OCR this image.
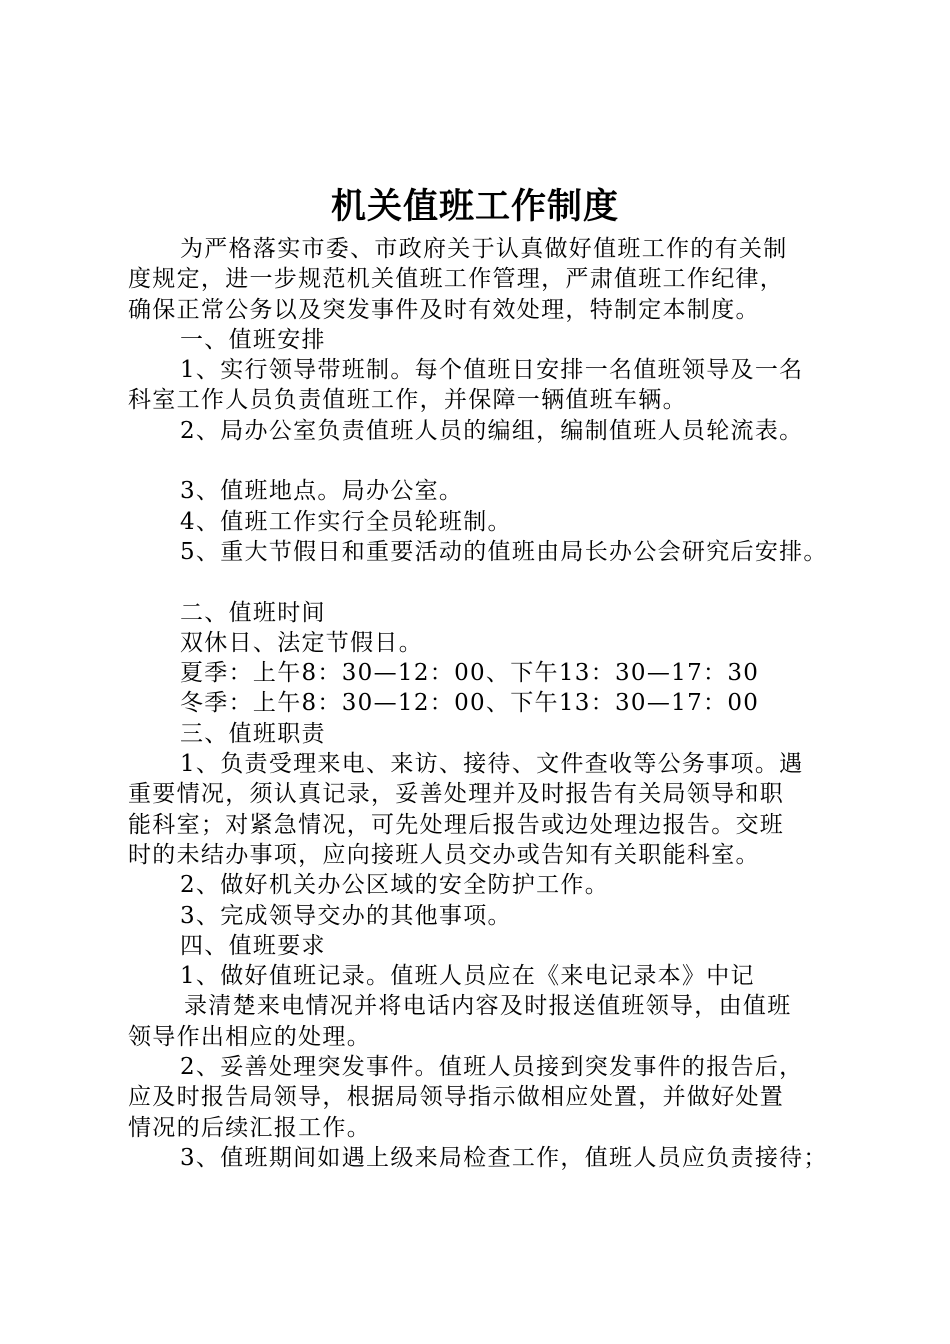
机关值班工作制度
为严格落实市委、市政府关于认真做好值班工作的有关制
度规定，进一步规范机关值班工作管理，严肃值班工作纪律，
确保正常公务以及突发事件及时有效处理，特制定本制度。
一、值班安排
1、实行领导带班制。每个值班日安排一名值班领导及一名
科室工作人员负责值班工作，并保障一辆值班车辆。
2、局办公室负责值班人员的编组，编制值班人员轮流表。
3、值班地点。局办公室。
4、值班工作实行全员轮班制。
5、重大节假日和重要活动的值班由局长办公会研究后安排。
二、值班时间
双休日、法定节假日。
夏季：上午8：30—12：00、下午13：30—17：30
冬季：上午8：30—12：00、下午13：30—17：00
三、值班职责
1、负责受理来电、来访、接待、文件查收等公务事项。遇
重要情况，须认真记录，妥善处理并及时报告有关局领导和职
能科室；对紧急情况，可先处理后报告或边处理边报告。交班
时的未结办事项，应向接班人员交办或告知有关职能科室。
2、做好机关办公区域的安全防护工作。
3、完成领导交办的其他事项。
四、值班要求
1、做好值班记录。值班人员应在《来电记录本》中记
录清楚来电情况并将电话内容及时报送值班领导，由值班
领导作出相应的处理。
2、妥善处理突发事件。值班人员接到突发事件的报告后，
应及时报告局领导，根据局领导指示做相应处置，并做好处置
情况的后续汇报工作。
3、值班期间如遇上级来局检查工作，值班人员应负责接待；
